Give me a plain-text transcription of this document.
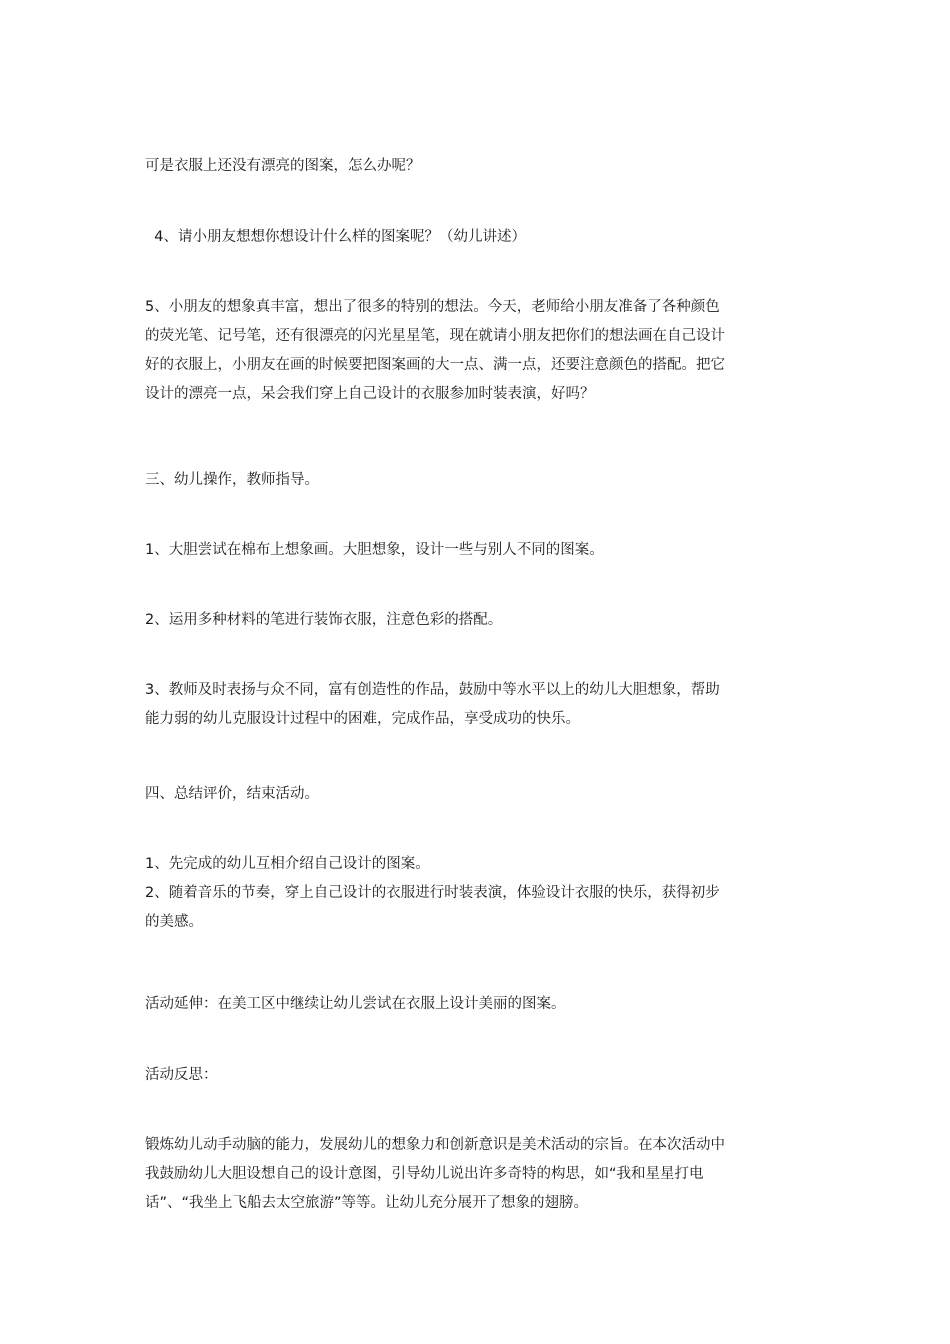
可是衣服上还没有漂亮的图案，怎么办呢？

4、请小朋友想想你想设计什么样的图案呢？（幼儿讲述）

5、小朋友的想象真丰富，想出了很多的特别的想法。今天，老师给小朋友准备了各种颜色
的荧光笔、记号笔，还有很漂亮的闪光星星笔，现在就请小朋友把你们的想法画在自己设计
好的衣服上，小朋友在画的时候要把图案画的大一点、满一点，还要注意颜色的搭配。把它
设计的漂亮一点，呆会我们穿上自己设计的衣服参加时装表演，好吗？

三、幼儿操作，教师指导。

1、大胆尝试在棉布上想象画。大胆想象，设计一些与别人不同的图案。

2、运用多种材料的笔进行装饰衣服，注意色彩的搭配。

3、教师及时表扬与众不同，富有创造性的作品，鼓励中等水平以上的幼儿大胆想象，帮助
能力弱的幼儿克服设计过程中的困难，完成作品，享受成功的快乐。

四、总结评价，结束活动。

1、先完成的幼儿互相介绍自己设计的图案。
2、随着音乐的节奏，穿上自己设计的衣服进行时装表演，体验设计衣服的快乐，获得初步
的美感。

活动延伸：在美工区中继续让幼儿尝试在衣服上设计美丽的图案。

活动反思：

锻炼幼儿动手动脑的能力，发展幼儿的想象力和创新意识是美术活动的宗旨。在本次活动中
我鼓励幼儿大胆设想自己的设计意图，引导幼儿说出许多奇特的构思，如“我和星星打电
话”、“我坐上飞船去太空旅游”等等。让幼儿充分展开了想象的翅膀。
